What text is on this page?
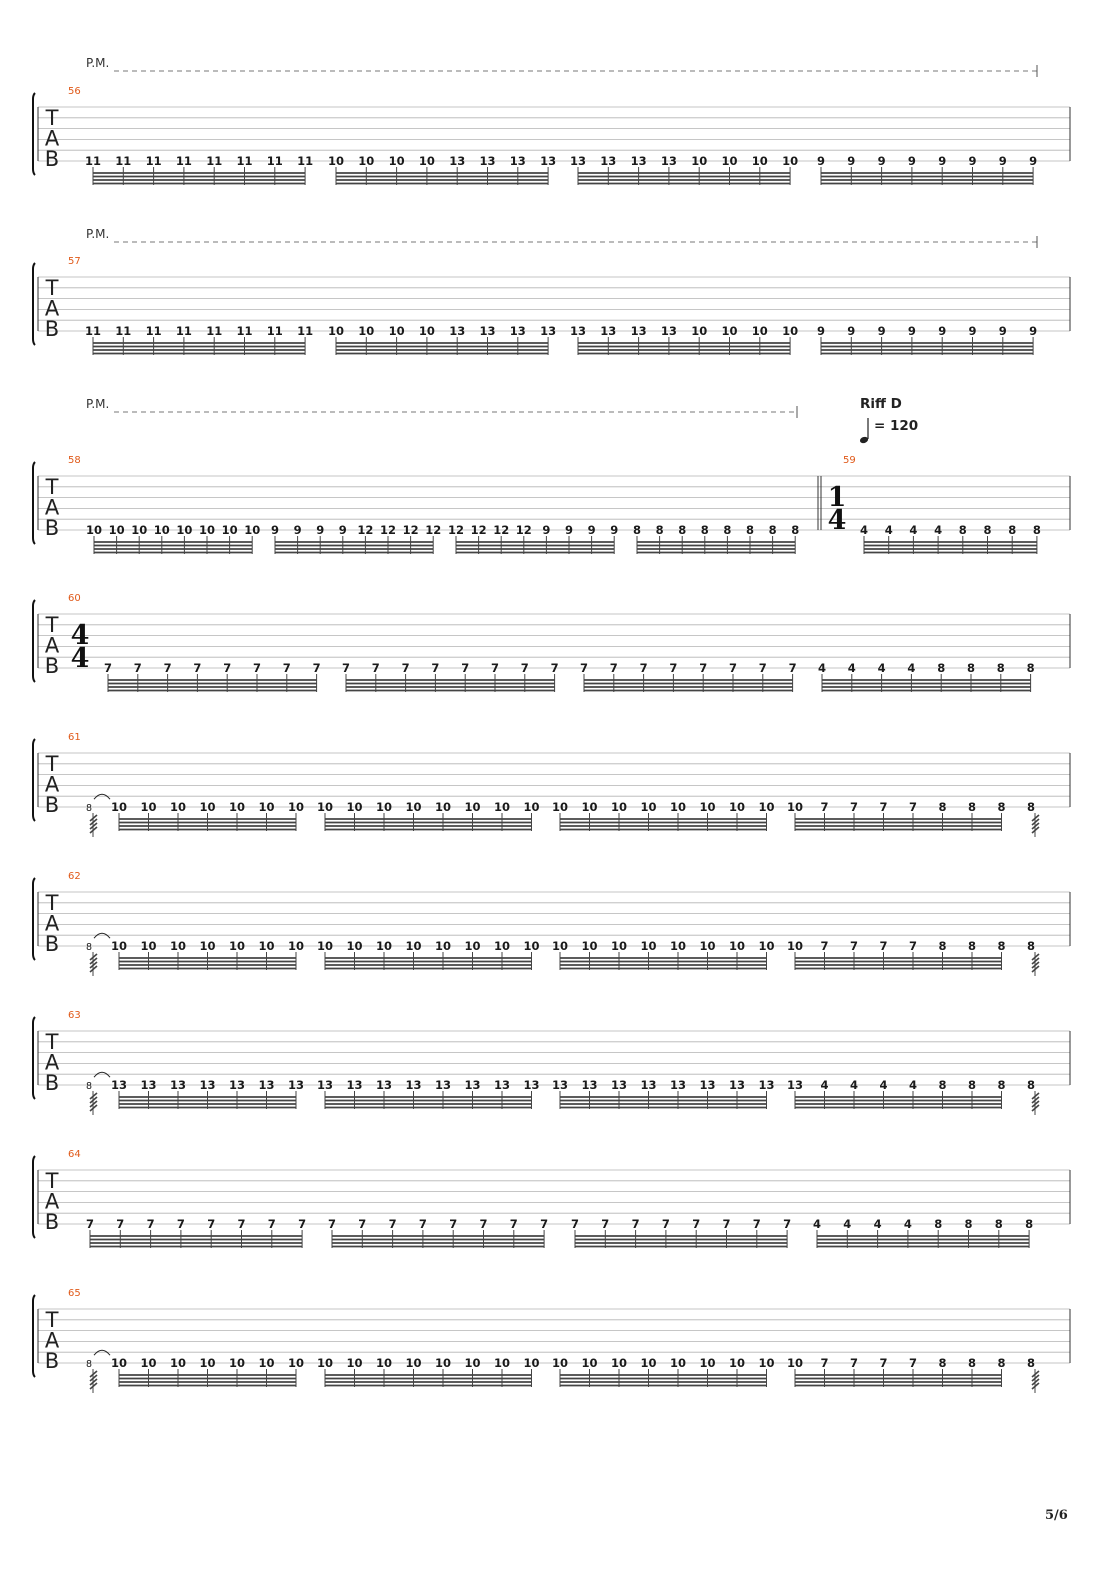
T
A
B
56
P.M.
11 11 11 11 11 11 11 11 10 10 10 10 13 13 13 13 13 13 13 13 10 10 10 10 9 9 9 9 9 9 9 9
T
A
B
57
P.M.
11 11 11 11 11 11 11 11 10 10 10 10 13 13 13 13 13 13 13 13 10 10 10 10 9 9 9 9 9 9 9 9
T
A
B
58
P.M.
10 10 10 10 10 10 10 10 9 9 9 9 12 12 12 12 12 12 12 12 9 9 9 9 8 8 8 8 8 8 8 8
59
1
4
Riff D
= 120
4 4 4 4 8 8 8 8
T
A
B
60
4
4 7 7 7 7 7 7 7 7 7 7 7 7 7 7 7 7 7 7 7 7 7 7 7 7 4 4 4 4 8 8 8 8
T
A
B
61
8 10 10 10 10 10 10 10 10 10 10 10 10 10 10 10 10 10 10 10 10 10 10 10 10 7 7 7 7 8 8 8 8
T
A
B
62
8 10 10 10 10 10 10 10 10 10 10 10 10 10 10 10 10 10 10 10 10 10 10 10 10 7 7 7 7 8 8 8 8
T
A
B
63
8 13 13 13 13 13 13 13 13 13 13 13 13 13 13 13 13 13 13 13 13 13 13 13 13 4 4 4 4 8 8 8 8
T
A
B
64
7 7 7 7 7 7 7 7 7 7 7 7 7 7 7 7 7 7 7 7 7 7 7 7 4 4 4 4 8 8 8 8
T
A
B
65
8 10 10 10 10 10 10 10 10 10 10 10 10 10 10 10 10 10 10 10 10 10 10 10 10 7 7 7 7 8 8 8 8
5/6
